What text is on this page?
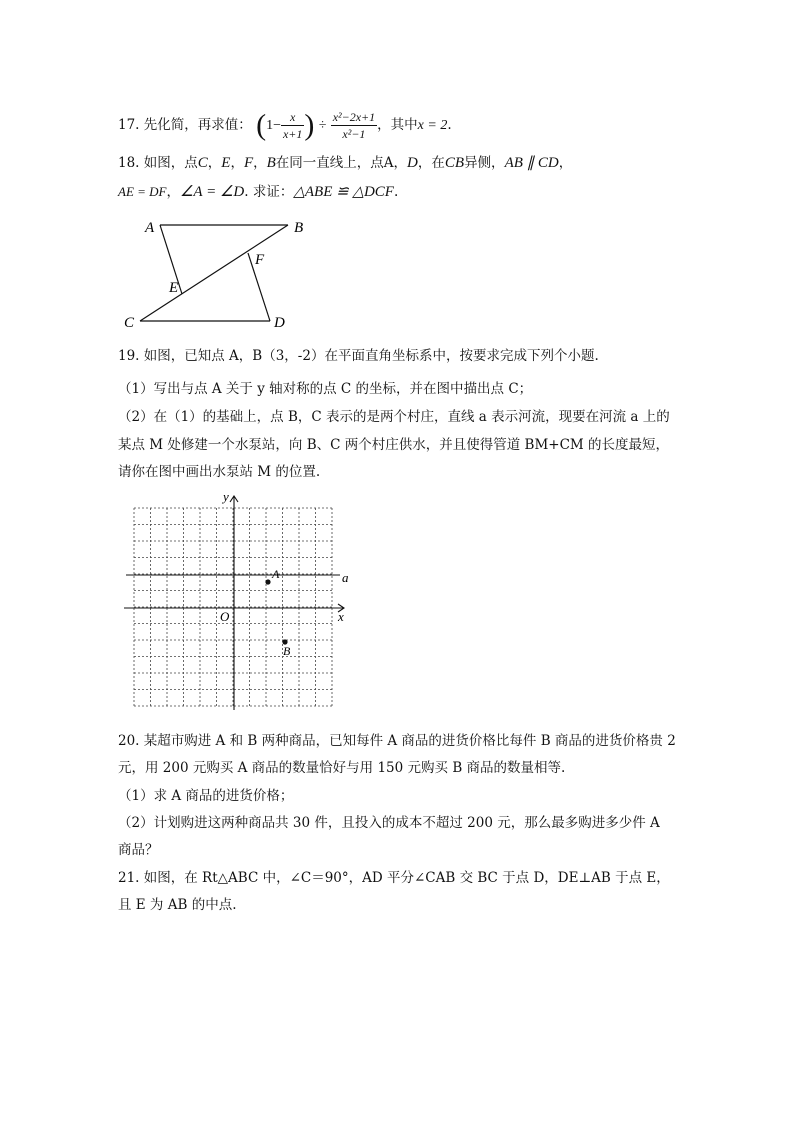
17. 先化简，再求值： ($1- \frac{x}{x+1}$ ) ÷ $\frac{\text{x²−2x+1}}{\text{x²−1}}$ ，其中x = 2.
18. 如图，点C，E，F，B在同一直线上，点A，D，在CB异侧，AB ∥ CD，
AE = DF，∠A = ∠D. 求证：△ABE ≌ △DCF.
A	B
C	D
E
F
19. 如图，已知点 A，B（3，-2）在平面直角坐标系中，按要求完成下列个小题.
（1）写出与点 A 关于 y 轴对称的点 C 的坐标，并在图中描出点 C；
（2）在（1）的基础上，点 B，C 表示的是两个村庄，直线 a 表示河流，现要在河流 a 上的
某点 M 处修建一个水泵站，向 B、C 两个村庄供水，并且使得管道 BM+CM 的长度最短，
请你在图中画出水泵站 M 的位置.
y
x
O
a
A
B
20. 某超市购进 A 和 B 两种商品，已知每件 A 商品的进货价格比每件 B 商品的进货价格贵 2
元，用 200 元购买 A 商品的数量恰好与用 150 元购买 B 商品的数量相等.
（1）求 A 商品的进货价格；
（2）计划购进这两种商品共 30 件，且投入的成本不超过 200 元，那么最多购进多少件 A
商品？
21. 如图，在 Rt△ABC 中，∠C＝90°，AD 平分∠CAB 交 BC 于点 D，DE⊥AB 于点 E，
且 E 为 AB 的中点.
